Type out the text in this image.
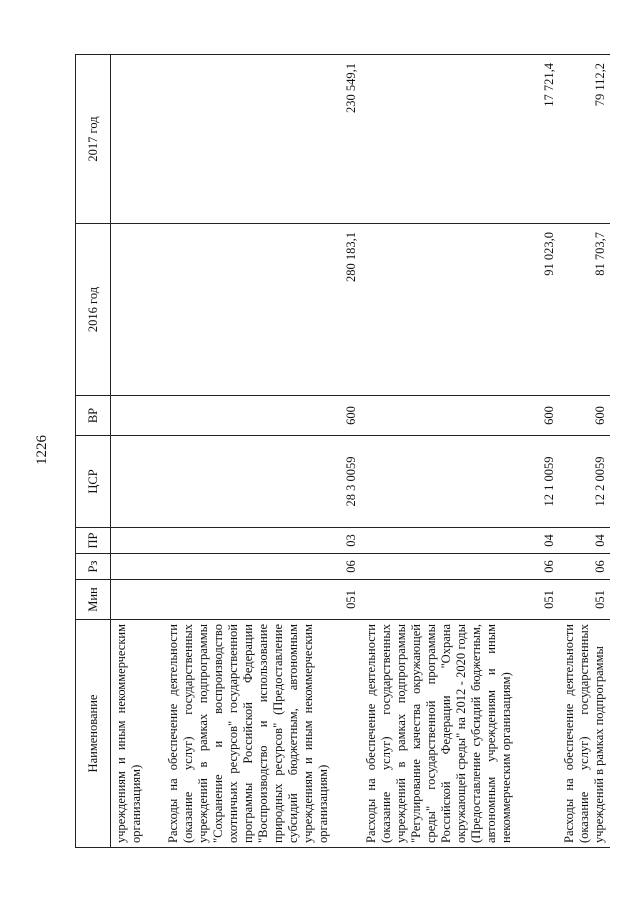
1226
Наименование	Мин	Рз	ПР	ЦСР	ВР	2016 год	2017 год
учреждениям и иным некоммерческим организациям)							
Расходы на обеспечение деятельности (оказание услуг) государственных учреждений в рамках подпрограммы "Сохранение и воспроизводство охотничьих ресурсов" государственной программы Российской Федерации "Воспроизводство и использование природных ресурсов" (Предоставление субсидий бюджетным, автономным учреждениям и иным некоммерческим организациям)	051	06	03	28 3 0059	600	280 183,1	230 549,1
Расходы на обеспечение деятельности (оказание услуг) государственных учреждений в рамках подпрограммы "Регулирование качества окружающей среды" государственной программы Российской Федерации "Охрана окружающей среды" на 2012 - 2020 годы (Предоставление субсидий бюджетным, автономным учреждениям и иным некоммерческим организациям)	051	06	04	12 1 0059	600	91 023,0	17 721,4
Расходы на обеспечение деятельности (оказание услуг) государственных учреждений в рамках подпрограммы	051	06	04	12 2 0059	600	81 703,7	79 112,2
